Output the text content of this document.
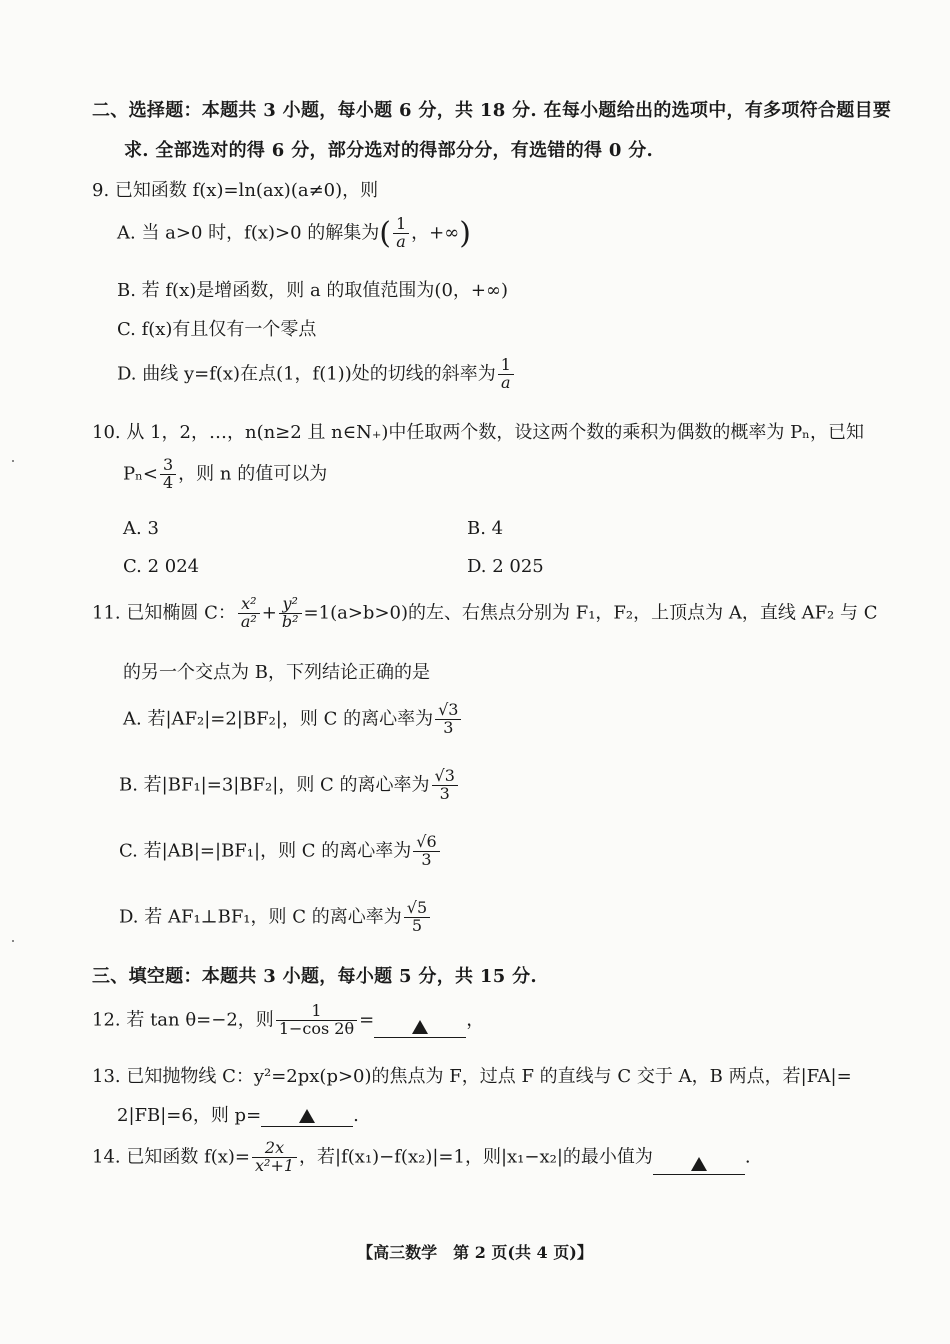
二、选择题：本题共 3 小题，每小题 6 分，共 18 分. 在每小题给出的选项中，有多项符合题目要
求. 全部选对的得 6 分，部分选对的得部分分，有选错的得 0 分.
9. 已知函数 f(x)=ln(ax)(a≠0)，则
A. 当 a>0 时，f(x)>0 的解集为( $\frac{1}{a}$ ，+∞)
B. 若 f(x)是增函数，则 a 的取值范围为(0，+∞)
C. f(x)有且仅有一个零点
D. 曲线 y=f(x)在点(1，f(1))处的切线的斜率为 $\frac{1}{a}$
10. 从 1，2，…，n(n≥2 且 n∈N₊)中任取两个数，设这两个数的乘积为偶数的概率为 Pₙ，已知
$P_n< \frac{3}{4}$ ，则 n 的值可以为
A. 3	B. 4
C. 2 024	D. 2 025
11. 已知椭圆 C： $\frac{\text{x²}}{\text{a²}} + \frac{\text{y²}}{\text{b²}} =1(a>b>0)$的左、右焦点分别为 F₁，F₂，上顶点为 A，直线 AF₂ 与 C
的另一个交点为 B，下列结论正确的是
A. 若|AF₂|=2|BF₂|，则 C 的离心率为 $\frac{√3}{3}$
B. 若|BF₁|=3|BF₂|，则 C 的离心率为 $\frac{√3}{3}$
C. 若|AB|=|BF₁|，则 C 的离心率为 $\frac{√6}{3}$
D. 若 AF₁⊥BF₁，则 C 的离心率为 $\frac{√5}{5}$
三、填空题：本题共 3 小题，每小题 5 分，共 15 分.
12. 若 tan θ=−2，则 $\frac{1}{1-\cos 2\theta}$ =	，
13. 已知抛物线 C：y²=2px(p>0)的焦点为 F，过点 F 的直线与 C 交于 A，B 两点，若|FA|=
2|FB|=6，则 p=	.
14. 已知函数 $f(x)= \frac{2x}{\text{x²+1}}$ ，若|f(x₁)−f(x₂)|=1，则|x₁−x₂|的最小值为	.
【高三数学　第 2 页(共 4 页)】
